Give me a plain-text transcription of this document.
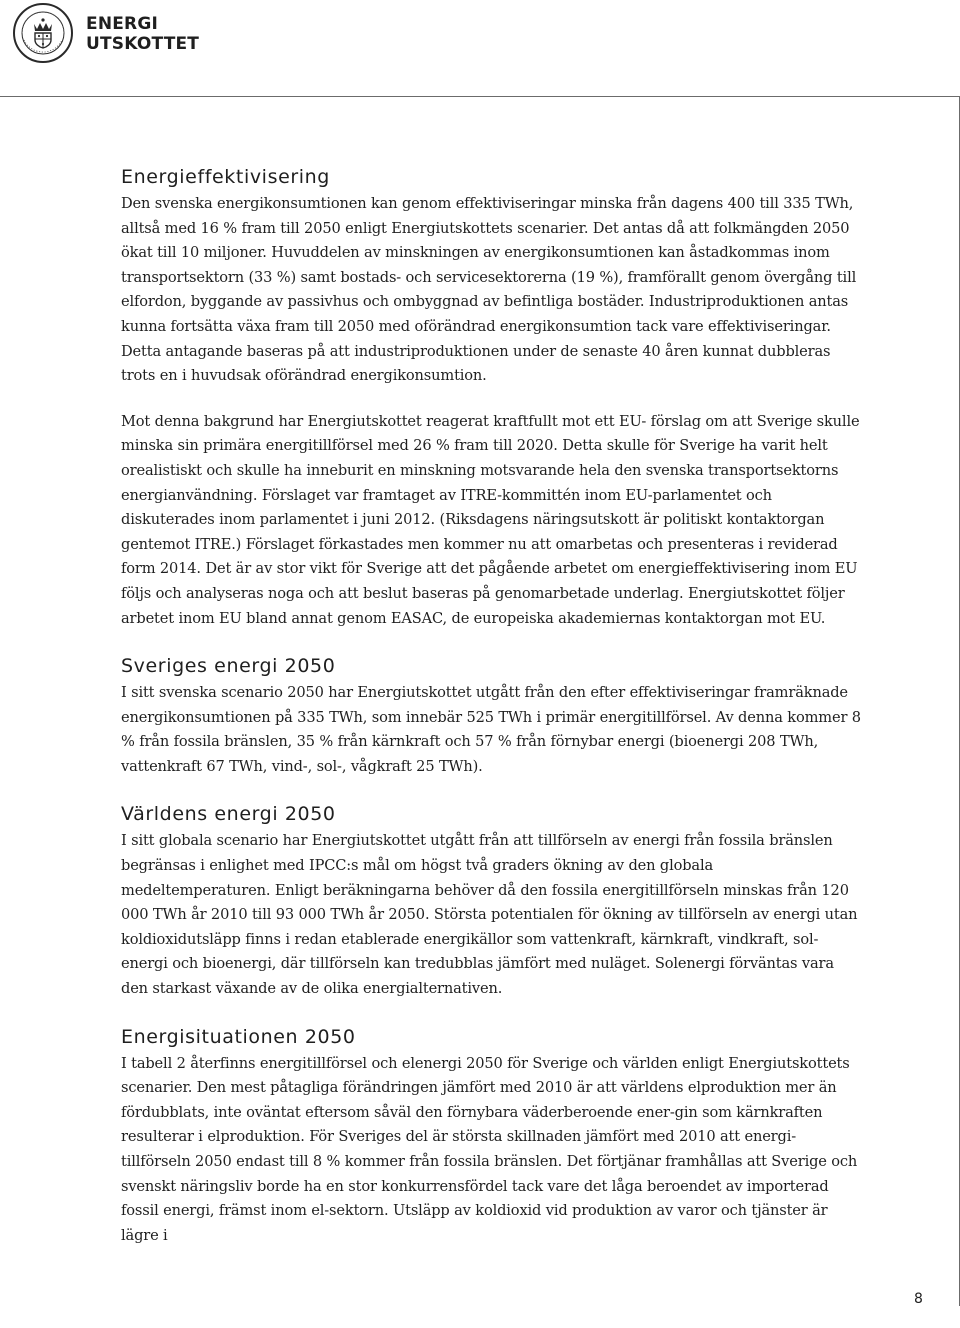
ENERGI
UTSKOTTET
Energieffektivisering

Den svenska energikonsumtionen kan genom effektiviseringar minska från dagens 400 till 335 TWh, alltså med 16 % fram till 2050 enligt Energiutskottets scenarier. Det antas då att folkmängden 2050 ökat till 10 miljoner. Huvuddelen av minskningen av energikonsumtionen kan åstadkommas inom transportsektorn (33 %) samt bostads- och servicesektorerna (19 %), framförallt genom övergång till elfordon, byggande av passivhus och ombyggnad av befintliga bostäder. Industriproduktionen antas kunna fortsätta växa fram till 2050 med oförändrad energikonsumtion tack vare effektiviseringar. Detta antagande baseras på att industriproduktionen under de senaste 40 åren kunnat dubbleras trots en i huvudsak oförändrad energikonsumtion.

Mot denna bakgrund har Energiutskottet reagerat kraftfullt mot ett EU- förslag om att Sverige skulle minska sin primära energitillförsel med 26 % fram till 2020. Detta skulle för Sverige ha varit helt orealistiskt och skulle ha inneburit en minskning motsvarande hela den svenska transportsektorns energianvändning. Förslaget var framtaget av ITRE-kommittén inom EU-parlamentet och diskuterades inom parlamentet i juni 2012. (Riksdagens näringsutskott är politiskt kontaktorgan gentemot ITRE.) Förslaget förkastades men kommer nu att omarbetas och presenteras i reviderad form 2014. Det är av stor vikt för Sverige att det pågående arbetet om energieffektivisering inom EU följs och analyseras noga och att beslut baseras på genomarbetade underlag. Energiutskottet följer arbetet inom EU bland annat genom EASAC, de europeiska akademiernas kontaktorgan mot EU.

Sveriges energi 2050

I sitt svenska scenario 2050 har Energiutskottet utgått från den efter effektiviseringar framräknade energikonsumtionen på 335 TWh, som innebär 525 TWh i primär energitillförsel. Av denna kommer 8 % från fossila bränslen, 35 % från kärnkraft och 57 % från förnybar energi (bioenergi 208 TWh, vattenkraft 67 TWh, vind-, sol-, vågkraft 25 TWh).

Världens energi 2050

I sitt globala scenario har Energiutskottet utgått från att tillförseln av energi från fossila bränslen begränsas i enlighet med IPCC:s mål om högst två graders ökning av den globala medeltemperaturen. Enligt beräkningarna behöver då den fossila energitillförseln minskas från 120 000 TWh år 2010 till 93 000 TWh år 2050. Största potentialen för ökning av tillförseln av energi utan koldioxidutsläpp finns i redan etablerade energikällor som vattenkraft, kärnkraft, vindkraft, sol- energi och bioenergi, där tillförseln kan tredubblas jämfört med nuläget. Solenergi förväntas vara den starkast växande av de olika energialternativen.

Energisituationen 2050

I tabell 2 återfinns energitillförsel och elenergi 2050 för Sverige och världen enligt Energiutskottets scenarier. Den mest påtagliga förändringen jämfört med 2010 är att världens elproduktion mer än fördubblats, inte oväntat eftersom såväl den förnybara väderberoende ener-gin som kärnkraften resulterar i elproduktion. För Sveriges del är största skillnaden jämfört med 2010 att energi-tillförseln 2050 endast till 8 % kommer från fossila bränslen. Det förtjänar framhållas att Sverige och svenskt näringsliv borde ha en stor konkurrensfördel tack vare det låga beroendet av importerad fossil energi, främst inom el-sektorn. Utsläpp av koldioxid vid produktion av varor och tjänster är lägre i

8
